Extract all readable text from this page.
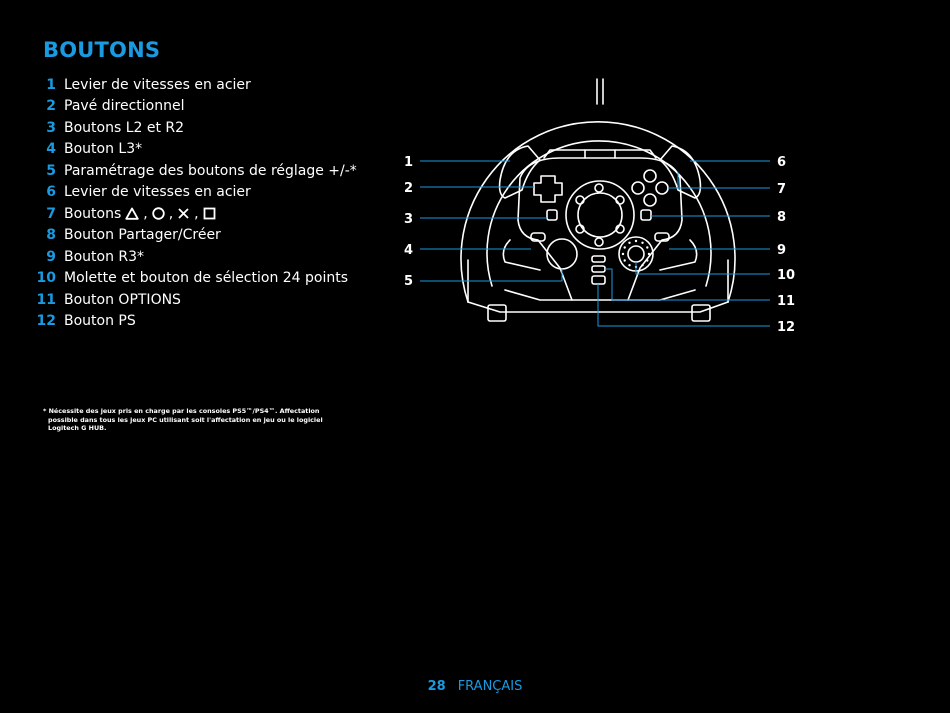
BOUTONS
1 Levier de vitesses en acier
2 Pavé directionnel
3 Boutons L2 et R2
4 Bouton L3*
5 Paramétrage des boutons de réglage +/-*
6 Levier de vitesses en acier
7 Boutons , , ,
8 Bouton Partager/Créer
9 Bouton R3*
10 Molette et bouton de sélection 24 points
11 Bouton OPTIONS
12 Bouton PS
* Nécessite des jeux pris en charge par les consoles PS5™/PS4™. Affectation
possible dans tous les jeux PC utilisant soit l'affectation en jeu ou le logiciel
Logitech G HUB.
1
2
3
4
5
6
7
8
9
10
11
12
28 FRANÇAIS
